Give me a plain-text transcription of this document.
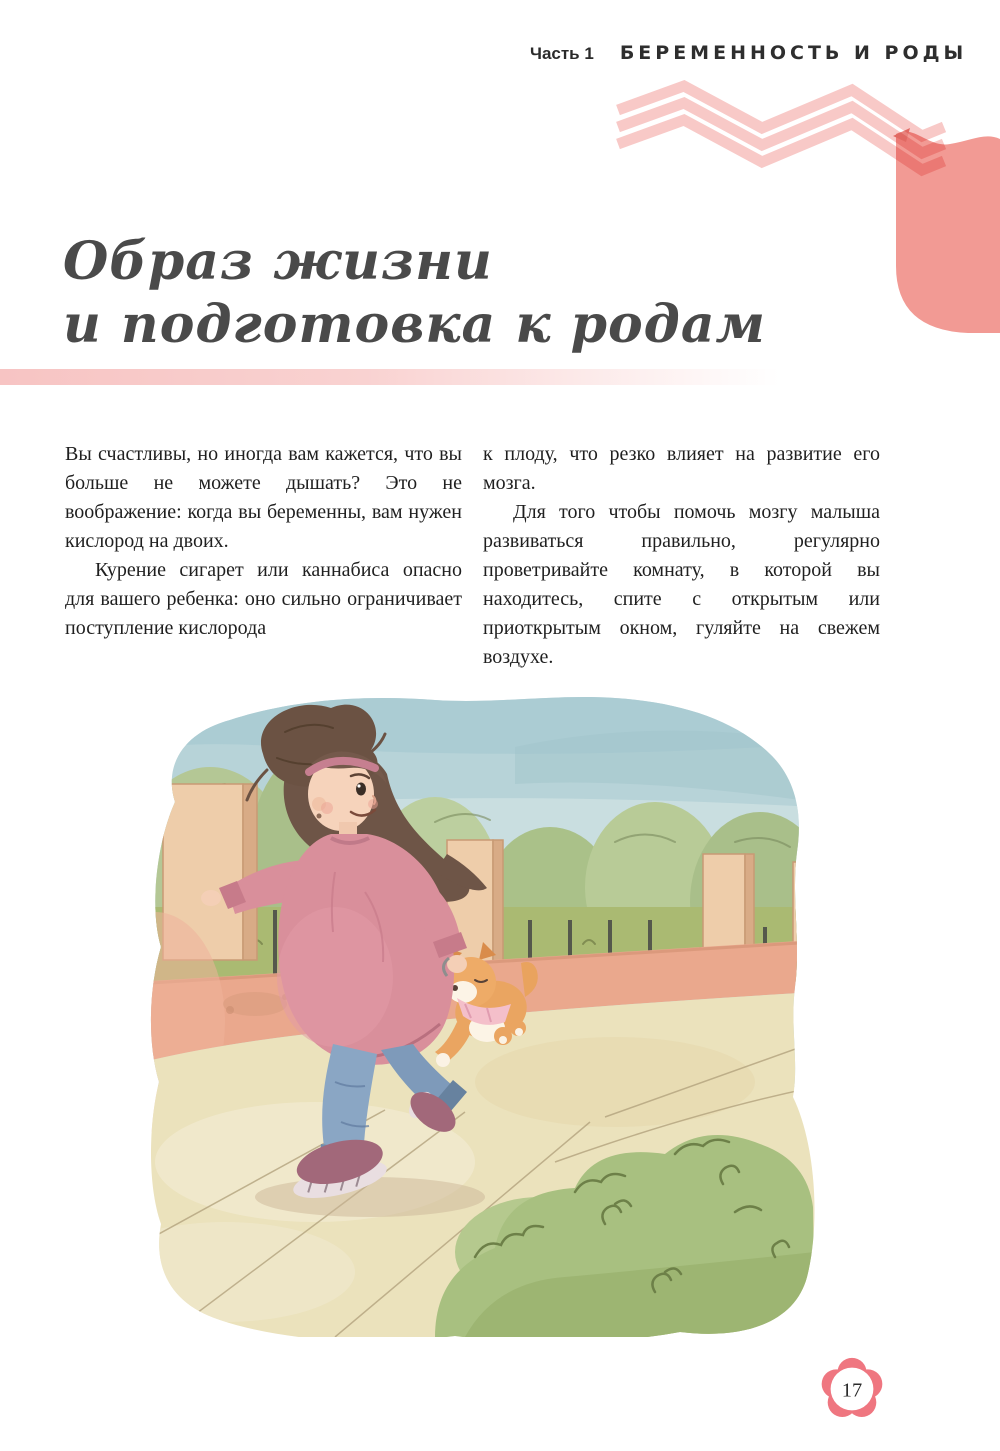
Часть 1 БЕРЕМЕННОСТЬ И РОДЫ
Образ жизни
и подготовка к родам

Вы счастливы, но иногда вам кажется, что вы больше не можете дышать? Это не воображение: когда вы беременны, вам нужен кислород на двоих.

Курение сигарет или каннабиса опасно для вашего ребенка: оно сильно ограничивает поступление кислорода

к плоду, что резко влияет на развитие его мозга.

Для того чтобы помочь мозгу малыша развиваться правильно, регулярно проветривайте комнату, в которой вы находитесь, спите с открытым или приоткрытым окном, гуляйте на свежем воздухе.

17
